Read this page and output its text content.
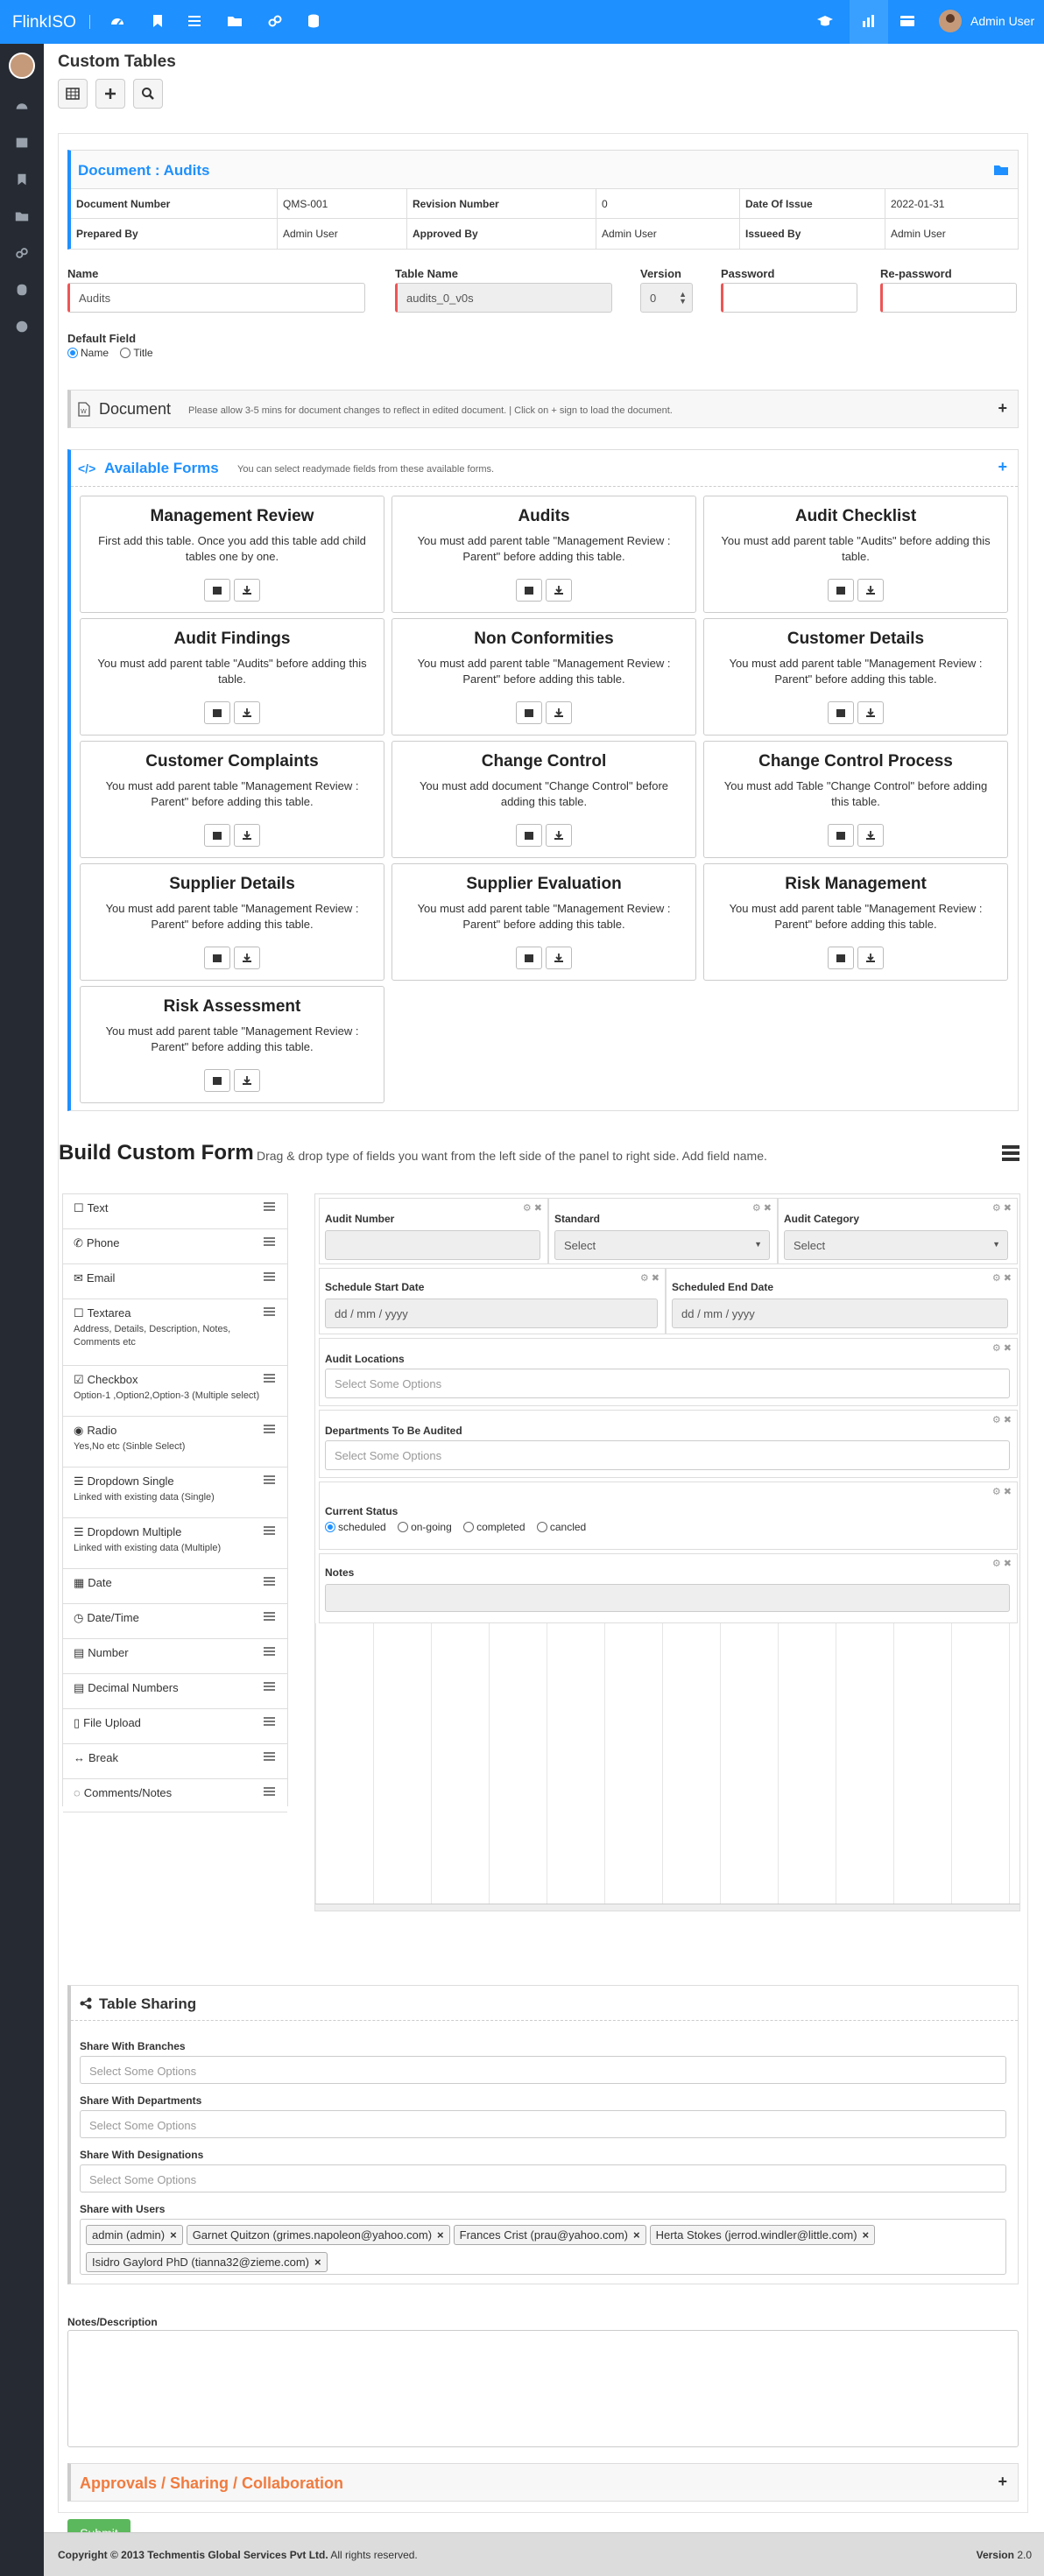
FlinkISO	Admin User
Custom Tables
Document : Audits
Document Number	QMS-001	Revision Number	0	Date Of Issue	2022-01-31
Prepared By	Admin User	Approved By	Admin User	Issueed By	Admin User
Name
Audits
Table Name
audits_0_v0s
Version
0	▲
▼
Password	Re-password
Default Field
Name Title
W Document Please allow 3-5 mins for document changes to reflect in edited document. | Click on + sign to load the document.	+
</> Available Forms You can select readymade fields from these available forms.	+
Management Review
First add this table. Once you add this table add child tables one by one.
Audits
You must add parent table "Management Review : Parent" before adding this table.
Audit Checklist
You must add parent table "Audits" before adding this table.
Audit Findings
You must add parent table "Audits" before adding this table.
Non Conformities
You must add parent table "Management Review : Parent" before adding this table.
Customer Details
You must add parent table "Management Review : Parent" before adding this table.
Customer Complaints
You must add parent table "Management Review : Parent" before adding this table.
Change Control
You must add document "Change Control" before adding this table.
Change Control Process
You must add Table "Change Control" before adding this table.
Supplier Details
You must add parent table "Management Review : Parent" before adding this table.
Supplier Evaluation
You must add parent table "Management Review : Parent" before adding this table.
Risk Management
You must add parent table "Management Review : Parent" before adding this table.
Risk Assessment
You must add parent table "Management Review : Parent" before adding this table.
Build Custom Form Drag & drop type of fields you want from the left side of the panel to right side. Add field name.
☐ Text
✆ Phone
✉ Email
☐ Textarea
Address, Details, Description, Notes, Comments etc
☑ Checkbox
Option-1 ,Option2,Option-3 (Multiple select)
◉ Radio
Yes,No etc (Sinble Select)
☰ Dropdown Single
Linked with existing data (Single)
☰ Dropdown Multiple
Linked with existing data (Multiple)
▦ Date
◷ Date/Time
▤ Number
▤ Decimal Numbers
▯ File Upload
↔ Break
◌ Comments/Notes
⚙ ✖
Audit Number
⚙ ✖
Standard
Select	▼
⚙ ✖
Audit Category
Select	▼
⚙ ✖
Schedule Start Date
dd / mm / yyyy
⚙ ✖
Scheduled End Date
dd / mm / yyyy
⚙ ✖
Audit Locations
Select Some Options
⚙ ✖
Departments To Be Audited
Select Some Options
⚙ ✖
Current Status
scheduled on-going completed cancled
⚙ ✖
Notes
Table Sharing
Share With Branches
Select Some Options
Share With Departments
Select Some Options
Share With Designations
Select Some Options
Share with Users
admin (admin) × Garnet Quitzon (grimes.napoleon@yahoo.com) × Frances Crist (prau@yahoo.com) × Herta Stokes (jerrod.windler@little.com) ×Isidro Gaylord PhD (tianna32@zieme.com) ×
Notes/Description
Approvals / Sharing / Collaboration	+
Copyright © 2013 Techmentis Global Services Pvt Ltd. All rights reserved.	Version 2.0
